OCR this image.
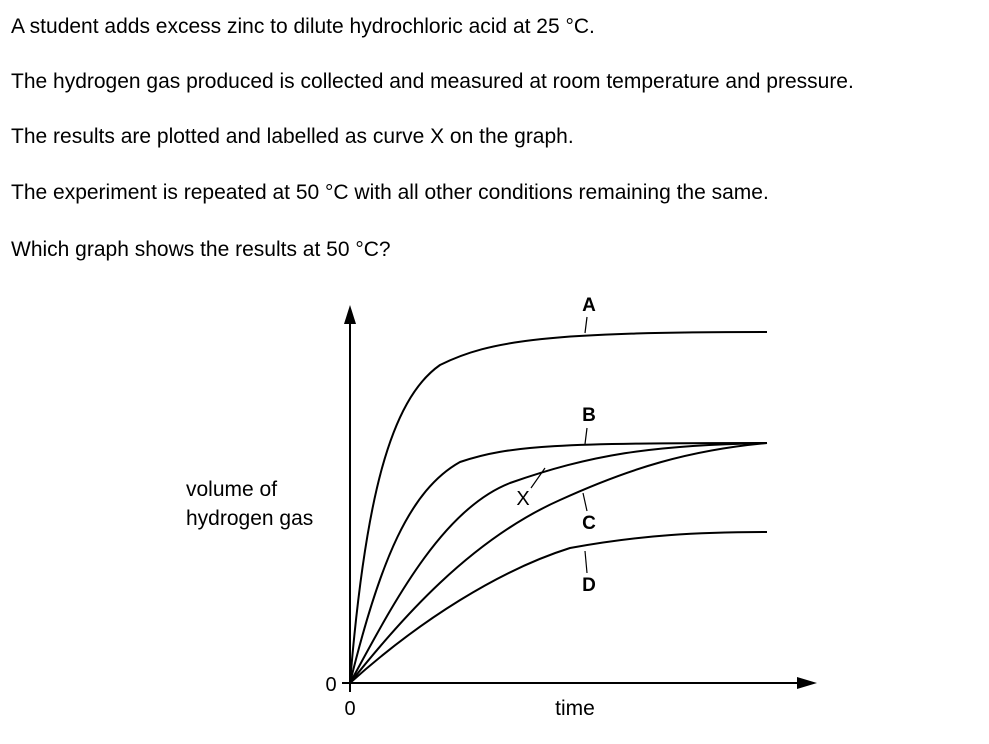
A student adds excess zinc to dilute hydrochloric acid at 25 °C.
The hydrogen gas produced is collected and measured at room temperature and pressure.
The results are plotted and labelled as curve X on the graph.
The experiment is repeated at 50 °C with all other conditions remaining the same.
Which graph shows the results at 50 °C?
A
B
X
C
D
volume of
hydrogen gas
time
0
0
